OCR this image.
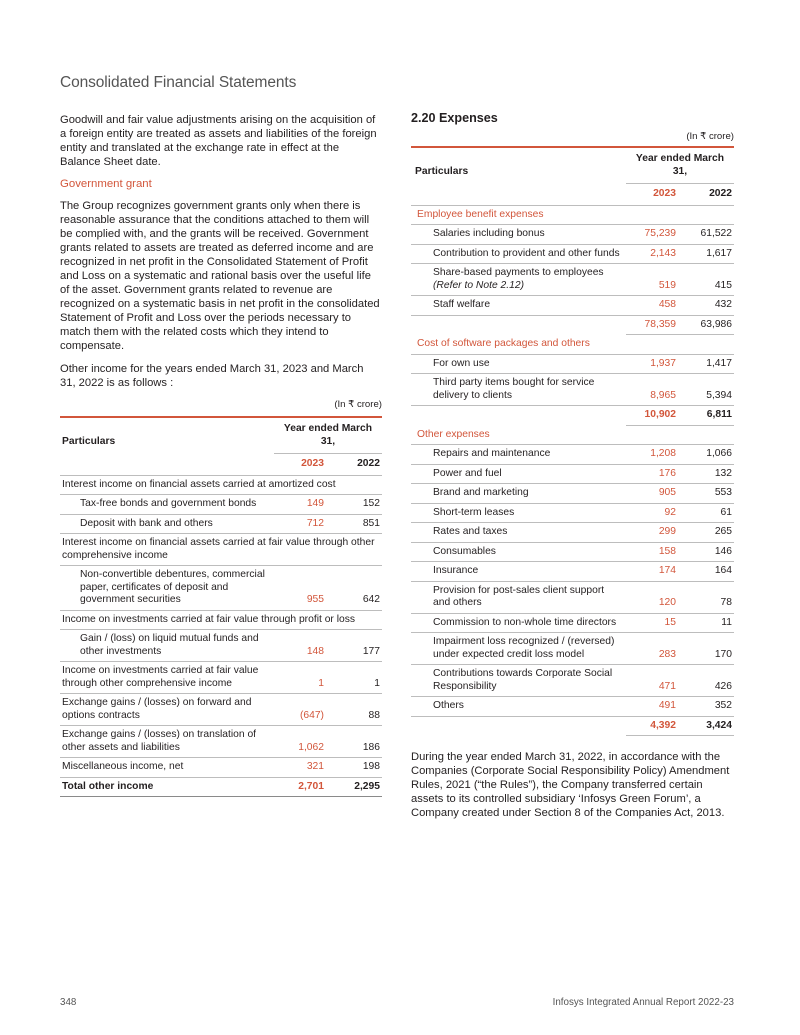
Consolidated Financial Statements

Goodwill and fair value adjustments arising on the acquisition of a foreign entity are treated as assets and liabilities of the foreign entity and translated at the exchange rate in effect at the Balance Sheet date.

Government grant

The Group recognizes government grants only when there is reasonable assurance that the conditions attached to them will be complied with, and the grants will be received. Government grants related to assets are treated as deferred income and are recognized in net profit in the Consolidated Statement of Profit and Loss on a systematic and rational basis over the useful life of the asset. Government grants related to revenue are recognized on a systematic basis in net profit in the consolidated Statement of Profit and Loss over the periods necessary to match them with the related costs which they intend to compensate.

Other income for the years ended March 31, 2023 and March 31, 2022 is as follows :

(In ₹ crore)
Particulars	Year ended March 31,	
	2023	2022
Interest income on financial assets carried at amortized cost		
Tax-free bonds and government bonds	149	152
Deposit with bank and others	712	851
Interest income on financial assets carried at fair value through other comprehensive income		
Non-convertible debentures, commercial paper, certificates of deposit and government securities	955	642
Income on investments carried at fair value through profit or loss		
Gain / (loss) on liquid mutual funds and other investments	148	177
Income on investments carried at fair value through other comprehensive income	1	1
Exchange gains / (losses) on forward and options contracts	(647)	88
Exchange gains / (losses) on translation of other assets and liabilities	1,062	186
Miscellaneous income, net	321	198
Total other income	2,701	2,295
2.20 Expenses
(In ₹ crore)
Particulars	Year ended March 31,	
	2023	2022
Employee benefit expenses		
Salaries including bonus	75,239	61,522
Contribution to provident and other funds	2,143	1,617
Share-based payments to employees (Refer to Note 2.12)	519	415
Staff welfare	458	432
	78,359	63,986
Cost of software packages and others		
For own use	1,937	1,417
Third party items bought for service delivery to clients	8,965	5,394
	10,902	6,811
Other expenses		
Repairs and maintenance	1,208	1,066
Power and fuel	176	132
Brand and marketing	905	553
Short-term leases	92	61
Rates and taxes	299	265
Consumables	158	146
Insurance	174	164
Provision for post-sales client support and others	120	78
Commission to non-whole time directors	15	11
Impairment loss recognized / (reversed) under expected credit loss model	283	170
Contributions towards Corporate Social Responsibility	471	426
Others	491	352
	4,392	3,424

During the year ended March 31, 2022, in accordance with the Companies (Corporate Social Responsibility Policy) Amendment Rules, 2021 (“the Rules”), the Company transferred certain assets to its controlled subsidiary ‘Infosys Green Forum’, a Company created under Section 8 of the Companies Act, 2013.

348	Infosys Integrated Annual Report 2022-23
